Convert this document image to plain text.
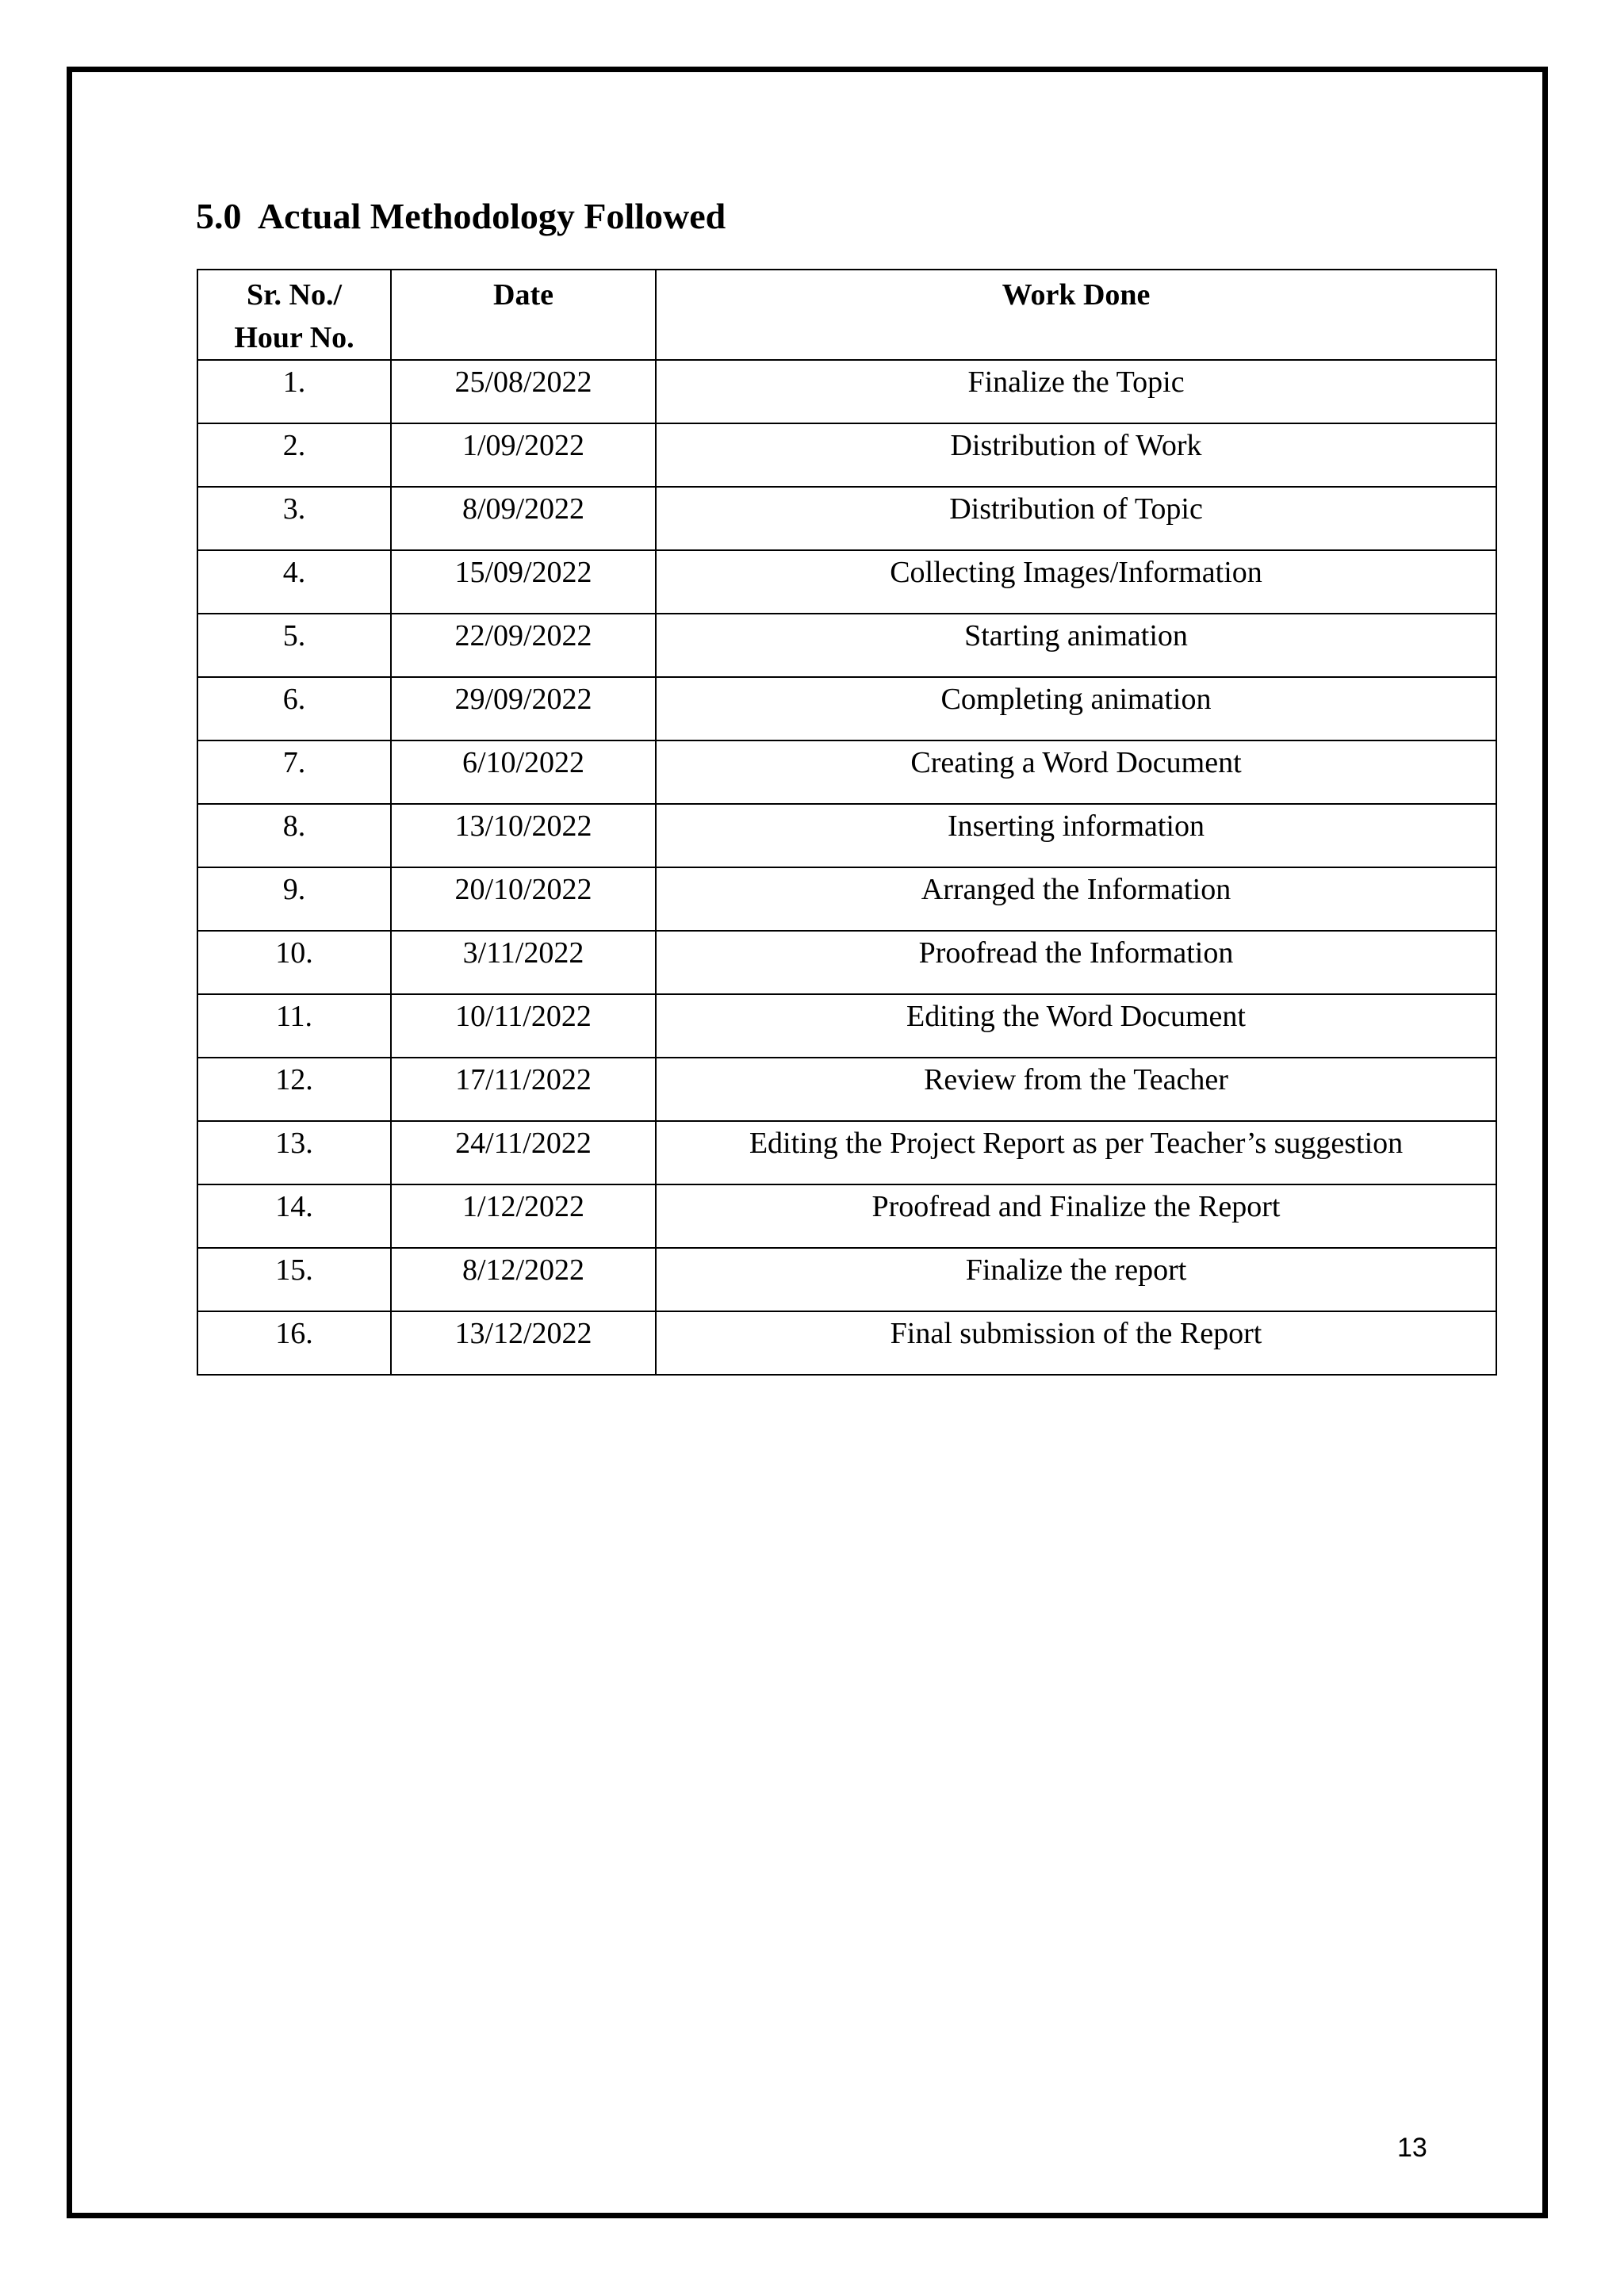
5.0  Actual Methodology Followed
Sr. No./
Hour No.	Date	Work Done
1.	25/08/2022	Finalize the Topic
2.	1/09/2022	Distribution of Work
3.	8/09/2022	Distribution of Topic
4.	15/09/2022	Collecting Images/Information
5.	22/09/2022	Starting animation
6.	29/09/2022	Completing animation
7.	6/10/2022	Creating a Word Document
8.	13/10/2022	Inserting information
9.	20/10/2022	Arranged the Information
10.	3/11/2022	Proofread the Information
11.	10/11/2022	Editing the Word Document
12.	17/11/2022	Review from the Teacher
13.	24/11/2022	Editing the Project Report as per Teacher’s suggestion
14.	1/12/2022	Proofread and Finalize the Report
15.	8/12/2022	Finalize the report
16.	13/12/2022	Final submission of the Report
13
